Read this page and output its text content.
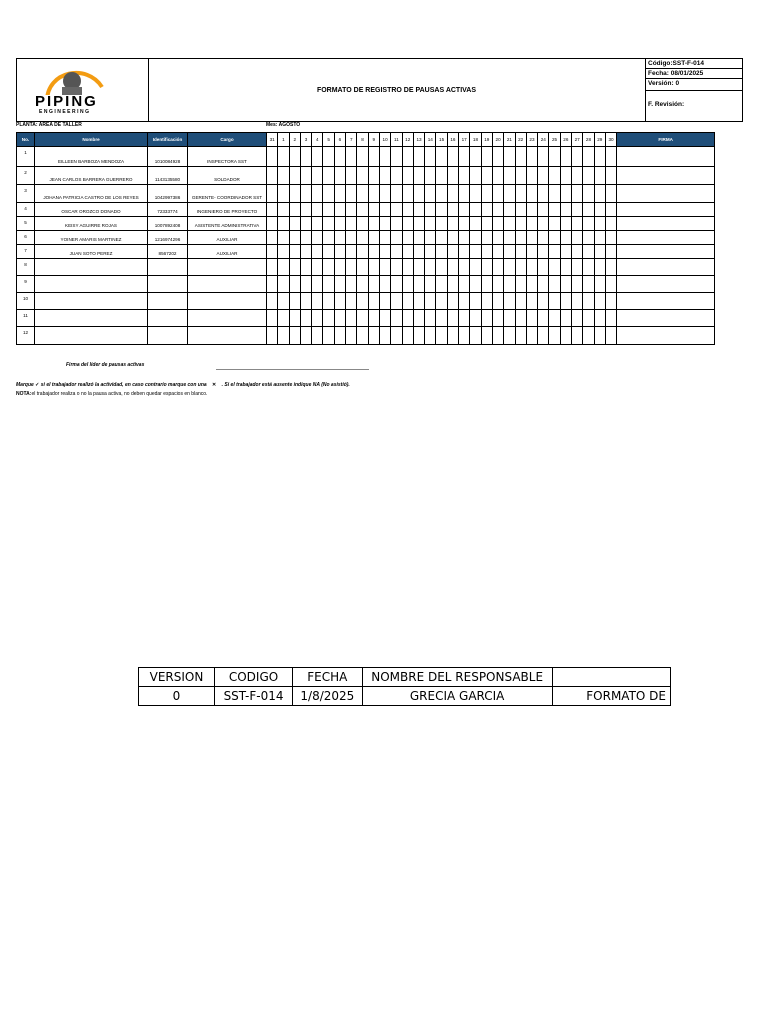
PIPING
ENGINEERING
FORMATO DE REGISTRO DE PAUSAS ACTIVAS
Código:SST-F-014
Fecha: 08/01/2025
Versión: 0
F. Revisión:
PLANTA: AREA DE TALLER	Mes: AGOSTO
No.	Nombre	Identificación	Cargo	31	1	2	3	4	5	6	7	8	9	10	11	12	13	14	15	16	17	18	19	20	21	22	23	24	25	26	27	28	29	30	FIRMA
1	EILLEEN BARBOZA MENDOZA	1010084928	INSPECTORA SST																																
2	JEAN CARLOS BARRERA GUERRERO	1143135580	SOLDADOR																																
3	JOHANA PATRICIA CASTRO DE LOS REYES	1042997386	GERENTE- COORDINADOR SST																																
4	OSCAR OROZCO DONADO	72333774	INGENIERO DE PROYECTO																																
5	KEISY AGUIRRE ROJAS	1007892408	ASISTENTE ADMINISTRATIVA																																
6	YOINER AMARIS MARTINEZ	1216974296	AUXILIAR																																
7	JUAN SOTO PEREZ	8567202	AUXILIAR																																
8																																			
9																																			
10																																			
11																																			
12																																			
Firma del líder de pausas activas
Marque ✓ si el trabajador realizó la actividad, en caso contrario marque con una ✕ . Si el trabajador está ausente indique NA (No asistió).
NOTA:el trabajador realiza o no la pausa activa, no deben quedar espacios en blanco.
VERSION	CODIGO	FECHA	NOMBRE DEL RESPONSABLE	
0	SST-F-014	1/8/2025	GRECIA GARCIA	FORMATO DE
